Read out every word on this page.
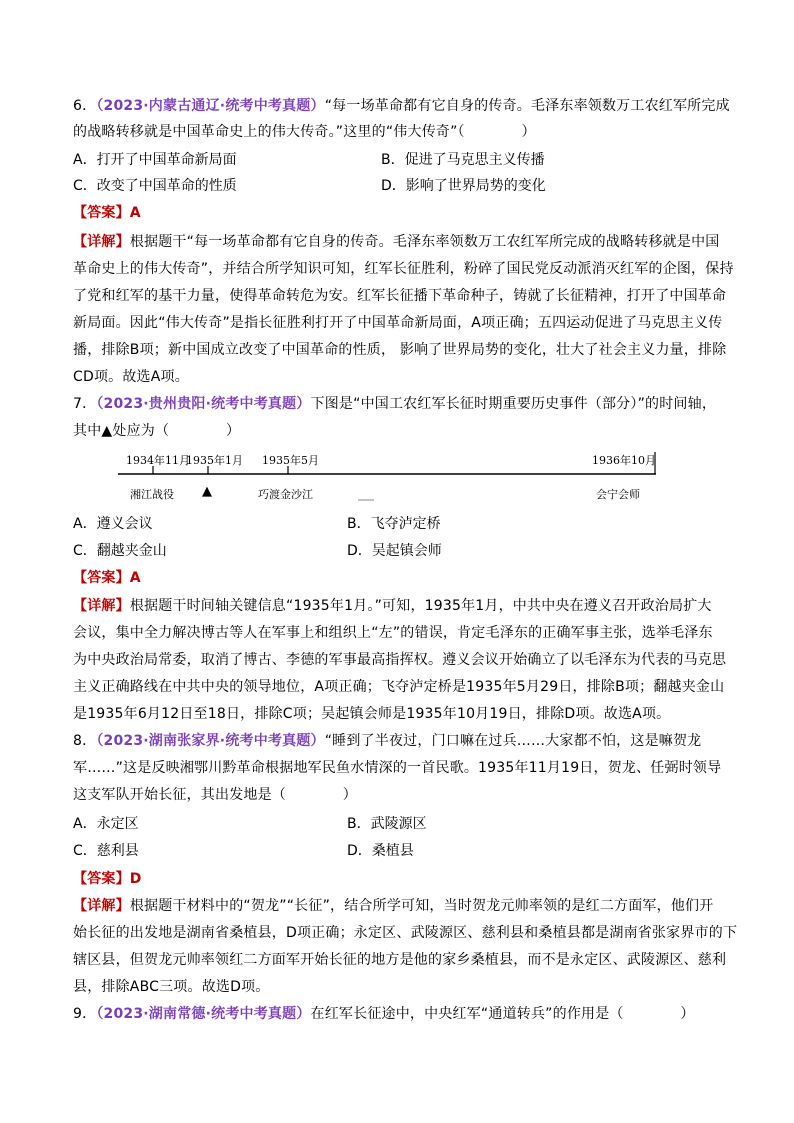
6．（2023·内蒙古通辽·统考中考真题）“每一场革命都有它自身的传奇。毛泽东率领数万工农红军所完成
的战略转移就是中国革命史上的伟大传奇。”这里的“伟大传奇”（　　　　）
A．打开了中国革命新局面	B．促进了马克思主义传播
C．改变了中国革命的性质	D．影响了世界局势的变化
【答案】A
【详解】根据题干“每一场革命都有它自身的传奇。毛泽东率领数万工农红军所完成的战略转移就是中国
革命史上的伟大传奇”，并结合所学知识可知，红军长征胜利，粉碎了国民党反动派消灭红军的企图，保持
了党和红军的基干力量，使得革命转危为安。红军长征播下革命种子，铸就了长征精神，打开了中国革命
新局面。因此“伟大传奇”是指长征胜利打开了中国革命新局面，A项正确；五四运动促进了马克思主义传
播，排除B项；新中国成立改变了中国革命的性质， 影响了世界局势的变化，壮大了社会主义力量，排除
CD项。故选A项。
7．（2023·贵州贵阳·统考中考真题）下图是“中国工农红军长征时期重要历史事件（部分）”的时间轴，
其中▲处应为（　　　　）
1934年11月
1935年1月 1935年5月	1936年10月
湘江战役 ▲	巧渡金沙江	会宁会师
A．遵义会议	B．飞夺泸定桥
C．翻越夹金山	D．吴起镇会师
【答案】A
【详解】根据题干时间轴关键信息“1935年1月。”可知，1935年1月，中共中央在遵义召开政治局扩大
会议，集中全力解决博古等人在军事上和组织上“左”的错误，肯定毛泽东的正确军事主张，选举毛泽东
为中央政治局常委，取消了博古、李德的军事最高指挥权。遵义会议开始确立了以毛泽东为代表的马克思
主义正确路线在中共中央的领导地位，A项正确；飞夺泸定桥是1935年5月29日，排除B项；翻越夹金山
是1935年6月12日至18日，排除C项；吴起镇会师是1935年10月19日，排除D项。故选A项。
8．（2023·湖南张家界·统考中考真题）“睡到了半夜过，门口嘛在过兵……大家都不怕，这是嘛贺龙
军……”这是反映湘鄂川黔革命根据地军民鱼水情深的一首民歌。1935年11月19日，贺龙、任弼时领导
这支军队开始长征，其出发地是（　　　　）
A．永定区	B．武陵源区
C．慈利县	D．桑植县
【答案】D
【详解】根据题干材料中的“贺龙”“长征”，结合所学可知，当时贺龙元帅率领的是红二方面军，他们开
始长征的出发地是湖南省桑植县，D项正确；永定区、武陵源区、慈利县和桑植县都是湖南省张家界市的下
辖区县，但贺龙元帅率领红二方面军开始长征的地方是他的家乡桑植县，而不是永定区、武陵源区、慈利
县，排除ABC三项。故选D项。
9．（2023·湖南常德·统考中考真题）在红军长征途中，中央红军“通道转兵”的作用是（　　　　）
